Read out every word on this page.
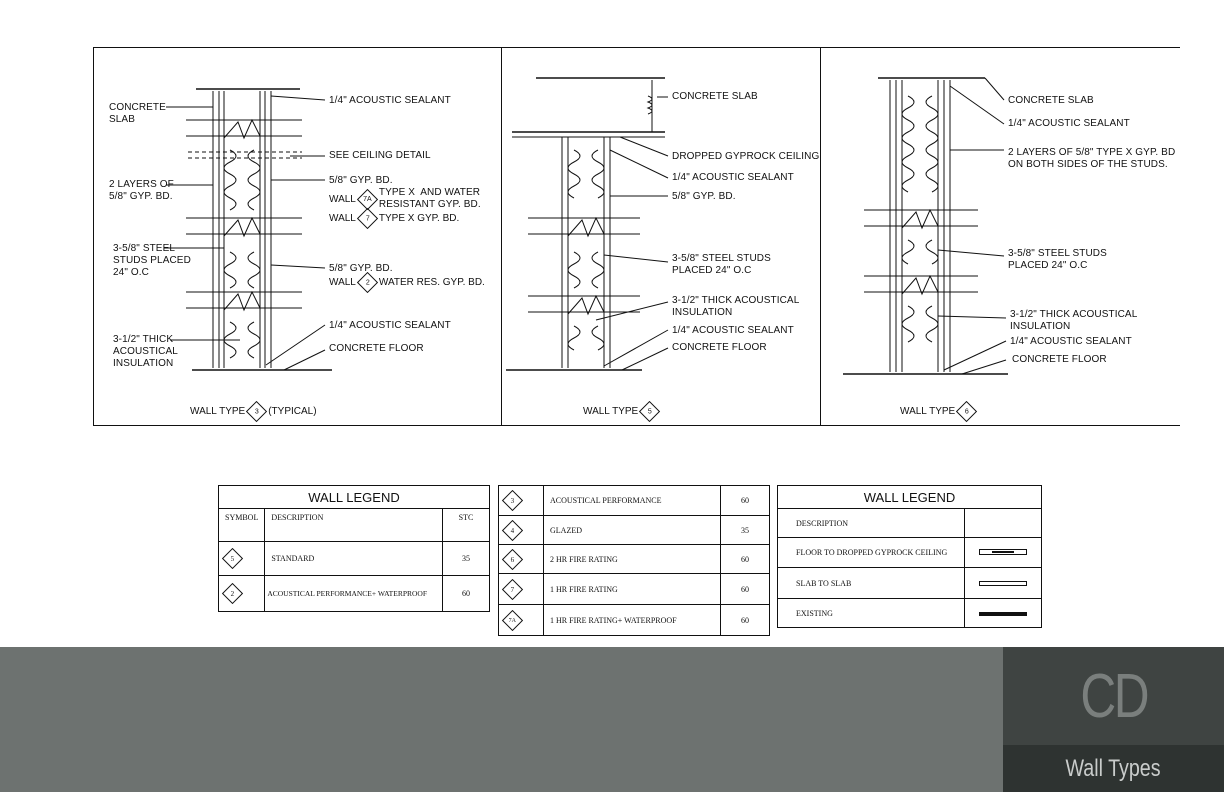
CONCRETE
SLAB
1/4" ACOUSTIC SEALANT
SEE CEILING DETAIL
2 LAYERS OF
5/8" GYP. BD.
5/8" GYP. BD.
WALL 7A
TYPE X  AND WATER
RESISTANT GYP. BD.
WALL 7 TYPE X GYP. BD.
3-5/8" STEEL
STUDS PLACED
24" O.C	5/8" GYP. BD.
WALL 2 WATER RES. GYP. BD.
3-1/2" THICK
ACOUSTICAL
INSULATION
1/4" ACOUSTIC SEALANT
CONCRETE FLOOR
WALL TYPE 3 (TYPICAL)
CONCRETE SLAB
DROPPED GYPROCK CEILING
1/4" ACOUSTIC SEALANT
5/8" GYP. BD.
3-5/8" STEEL STUDS
PLACED 24" O.C
3-1/2" THICK ACOUSTICAL
INSULATION
1/4" ACOUSTIC SEALANT
CONCRETE FLOOR
WALL TYPE 5
CONCRETE SLAB
1/4" ACOUSTIC SEALANT
2 LAYERS OF 5/8" TYPE X GYP. BD
ON BOTH SIDES OF THE STUDS.
3-5/8" STEEL STUDS
PLACED 24" O.C
3-1/2" THICK ACOUSTICAL
INSULATION
1/4" ACOUSTIC SEALANT
CONCRETE FLOOR
WALL TYPE 6
WALL LEGEND		
SYMBOL	DESCRIPTION	STC

5	STANDARD	35

2	ACOUSTICAL PERFORMANCE+ WATERPROOF	60
3	ACOUSTICAL PERFORMANCE	60

4	GLAZED	35

6	2 HR FIRE RATING	60

7	1 HR FIRE RATING	60

7A	1 HR FIRE RATING+ WATERPROOF	60
WALL LEGEND	
DESCRIPTION	
FLOOR TO DROPPED GYPROCK CEILING	

SLAB TO SLAB	
EXISTING	
CD
Wall Types
